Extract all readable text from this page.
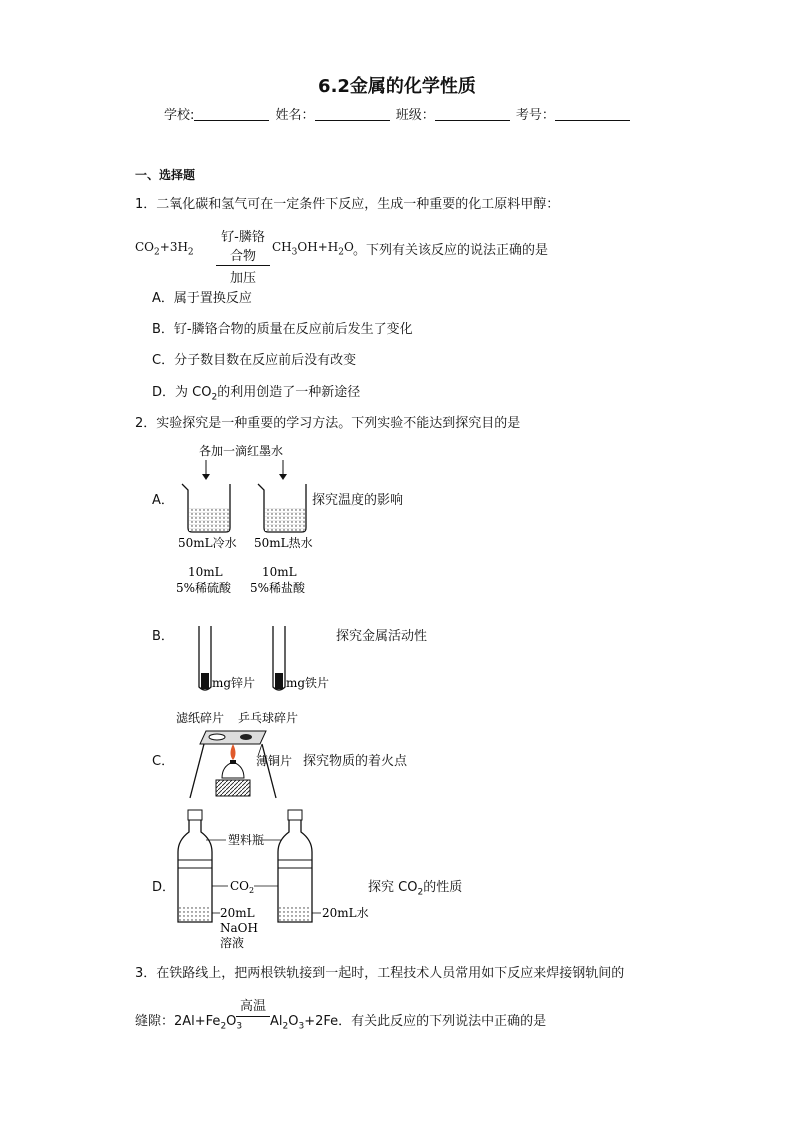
6.2金属的化学性质
学校:	姓名：	班级：	考号：
一、选择题
1．二氧化碳和氢气可在一定条件下反应，生成一种重要的化工原料甲醇：
$CO_2+3H_2$
钌-膦铬合物
加压
$CH_3OH+H_2O$ 。下列有关该反应的说法正确的是
A．属于置换反应
B．钌-膦铬合物的质量在反应前后发生了变化
C．分子数目数在反应前后没有改变
D．为 $CO_2$的利用创造了一种新途径
2．实验探究是一种重要的学习方法。下列实验不能达到探究目的是
A．
各加一滴红墨水
50mL冷水 50mL热水
探究温度的影响
B．
10mL
5%稀硫酸
10mL
5%稀盐酸
mg锌片	mg铁片
探究金属活动性
C．
滤纸碎片 乒乓球碎片
薄铜片 探究物质的着火点
D．
塑料瓶
$CO_2$
20mL
NaOH
溶液
20mL水
探究 $CO_2$的性质
3．在铁路线上，把两根铁轨接到一起时，工程技术人员常用如下反应来焊接钢轨间的
缝隙：$2Al+Fe_2O_3$
高温
$Al_2O_3+2Fe$．有关此反应的下列说法中正确的是
